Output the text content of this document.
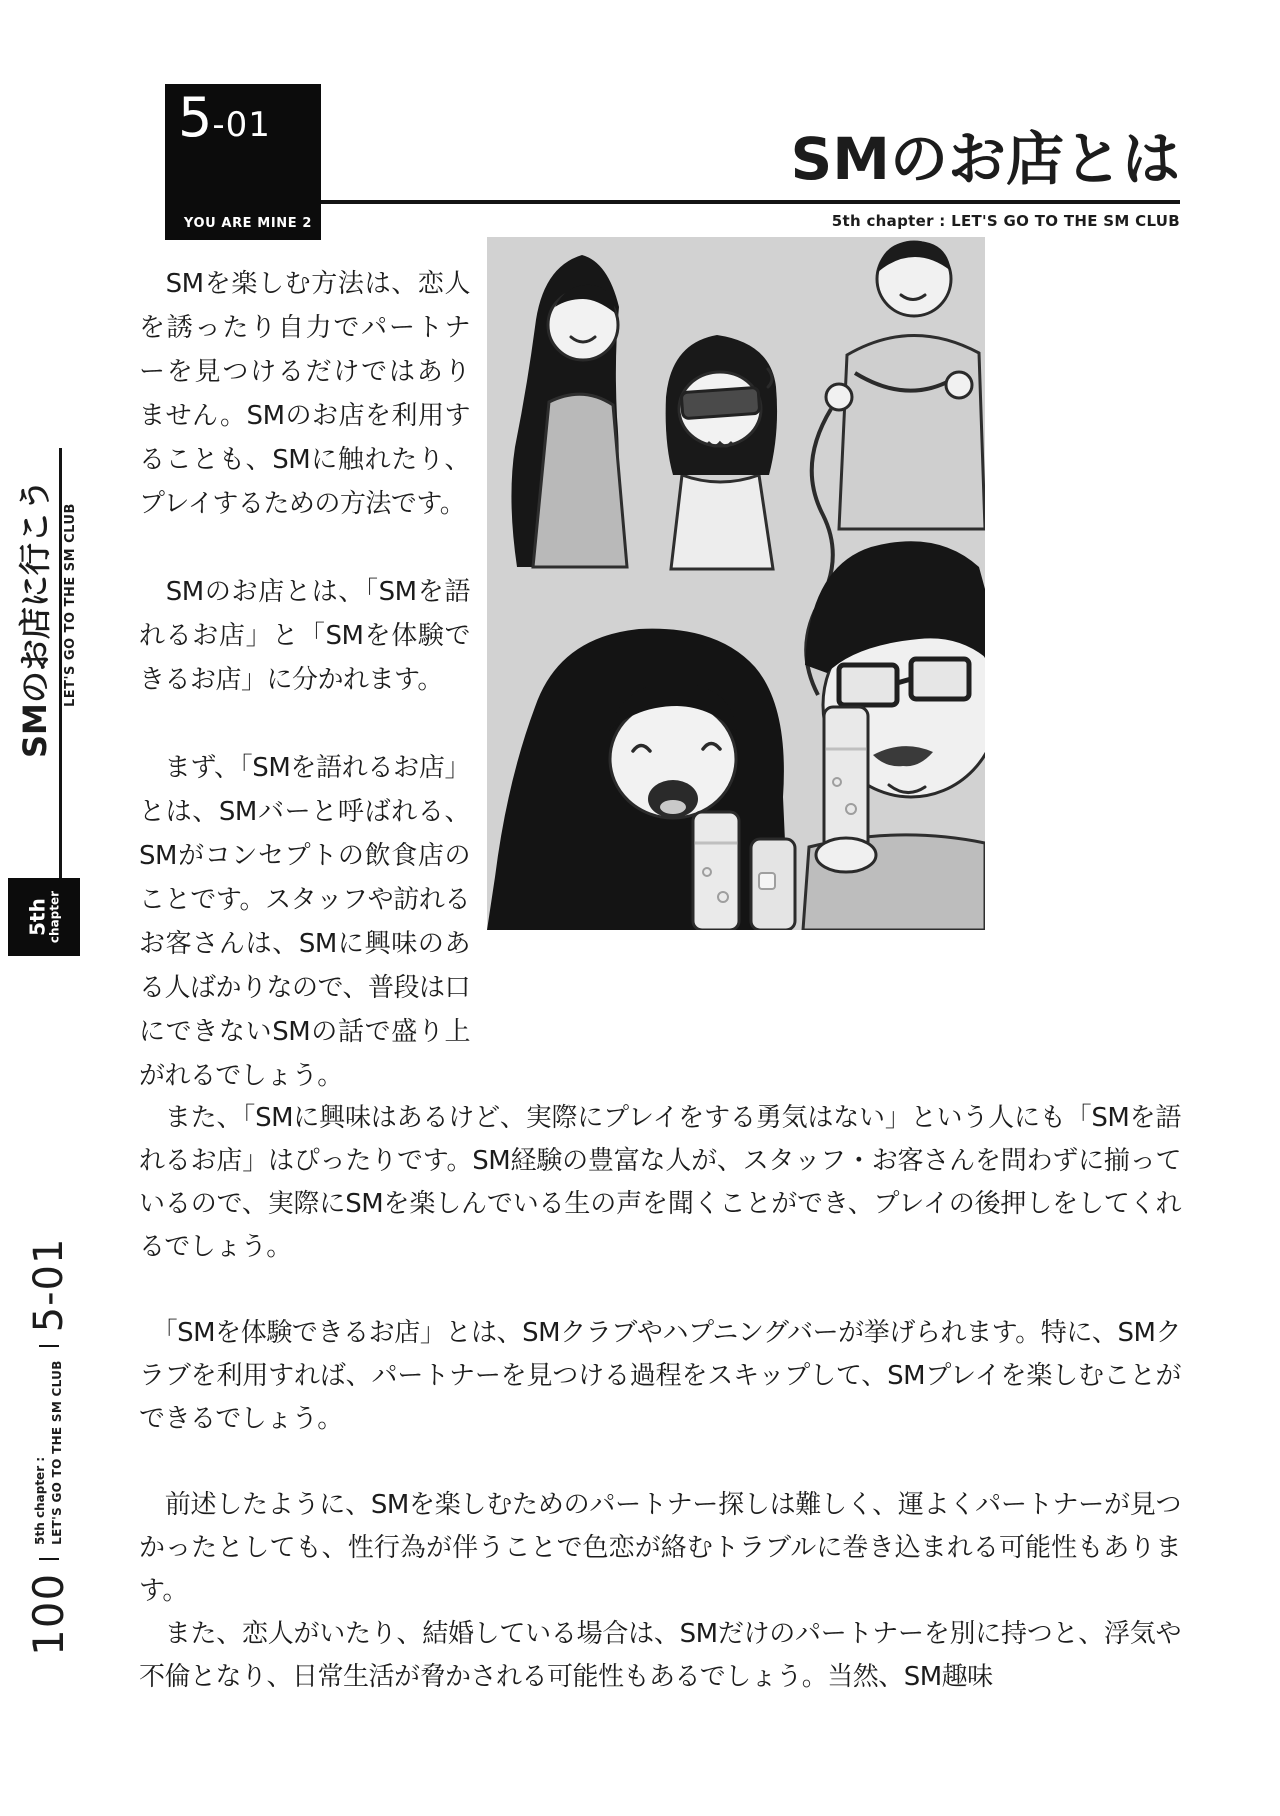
5 -01
YOU ARE MINE 2
SMのお店とは
5th chapter : LET'S GO TO THE SM CLUB
SMのお店に行こう LET'S GO TO THE SM CLUB
5th
chapter
100
5th chapter : LET'S GO TO THE SM CLUB
5-01

　SMを楽しむ方法は、恋人を誘ったり自力でパートナーを見つけるだけではありません。SMのお店を利用することも、SMに触れたり、プレイするための方法です。

　SMのお店とは、「SMを語れるお店」と「SMを体験できるお店」に分かれます。

　まず、「SMを語れるお店」とは、SMバーと呼ばれる、SMがコンセプトの飲食店のことです。スタッフや訪れるお客さんは、SMに興味のある人ばかりなので、普段は口にできないSMの話で盛り上がれるでしょう。

　また、「SMに興味はあるけど、実際にプレイをする勇気はない」という人にも「SMを語れるお店」はぴったりです。SM経験の豊富な人が、スタッフ・お客さんを問わずに揃っているので、実際にSMを楽しんでいる生の声を聞くことができ、プレイの後押しをしてくれるでしょう。

　「SMを体験できるお店」とは、SMクラブやハプニングバーが挙げられます。特に、SMクラブを利用すれば、パートナーを見つける過程をスキップして、SMプレイを楽しむことができるでしょう。

　前述したように、SMを楽しむためのパートナー探しは難しく、運よくパートナーが見つかったとしても、性行為が伴うことで色恋が絡むトラブルに巻き込まれる可能性もあります。

　また、恋人がいたり、結婚している場合は、SMだけのパートナーを別に持つと、浮気や不倫となり、日常生活が脅かされる可能性もあるでしょう。当然、SM趣味
